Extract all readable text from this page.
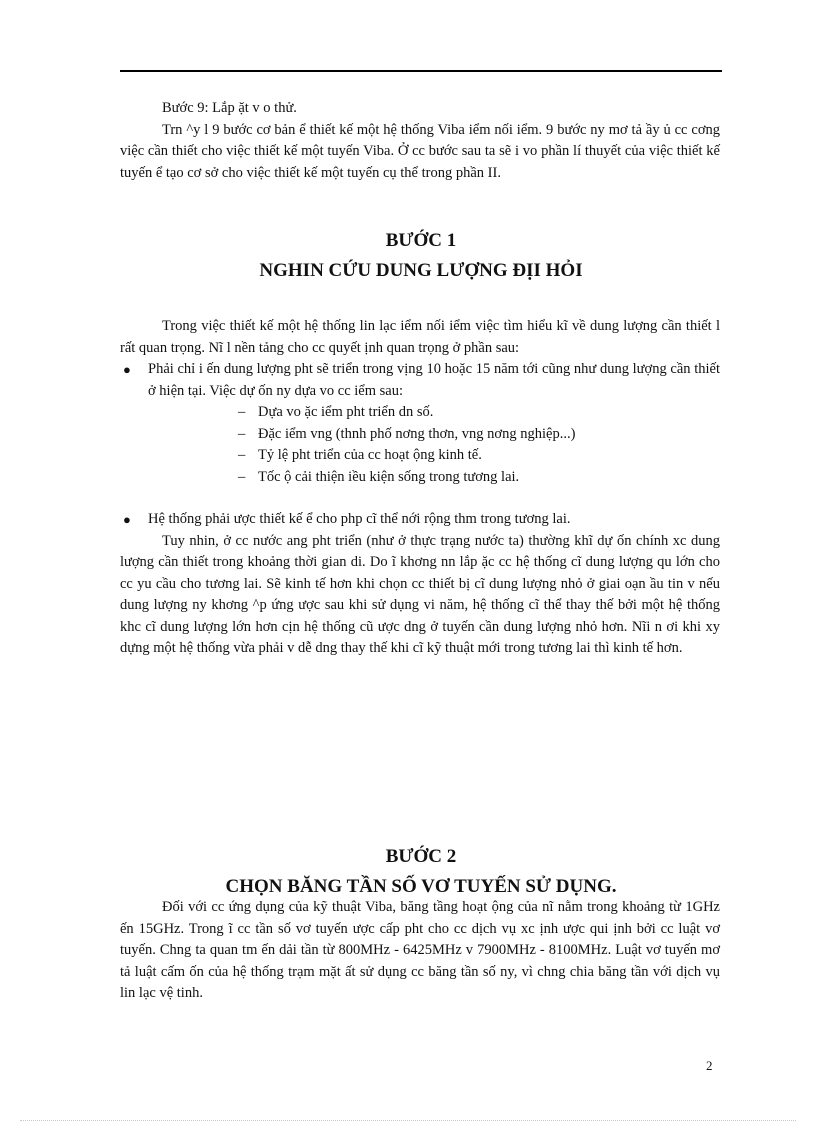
Bước 9: Lắp ặt v o thử.

Trn ^y l 9 bước cơ bản ể thiết kế một hệ thống Viba iểm nối iểm. 9 bước ny mơ tả ầy ủ cc cơng việc cần thiết cho việc thiết kế một tuyến Viba. Ở cc bước sau ta sẽ i vo phần lí thuyết của việc thiết kế tuyến ể tạo cơ sở cho việc thiết kế một tuyến cụ thể trong phần II.

BƯỚC 1
NGHIN CỨU DUNG LƯỢNG ĐỊI HỎI

Trong việc thiết kế một hệ thống lin lạc iểm nối iểm việc tìm hiểu kĩ về dung lượng cần thiết l rất quan trọng. Nĩ l nền tảng cho cc quyết ịnh quan trọng ở phần sau:

● Phải chỉ i ến dung lượng pht sẽ triển trong vịng 10 hoặc 15 năm tới cũng như dung lượng cần thiết ở hiện tại. Việc dự ốn ny dựa vo cc iểm sau:

– Dựa vo ặc iểm pht triển dn số.

– Đặc iểm vng (thnh phố nơng thơn, vng nơng nghiệp...)

– Tỷ lệ pht triển của cc hoạt ộng kinh tế.

– Tốc ộ cải thiện iều kiện sống trong tương lai.

● Hệ thống phải ược thiết kế ể cho php cĩ thể nới rộng thm trong tương lai.

Tuy nhin, ở cc nước ang pht triển (như ở thực trạng nước ta) thường khĩ dự ốn chính xc dung lượng cần thiết trong khoảng thời gian di. Do ĩ khơng nn lắp ặc cc hệ thống cĩ dung lượng qu lớn cho cc yu cầu cho tương lai. Sẽ kinh tế hơn khi chọn cc thiết bị cĩ dung lượng nhỏ ở giai oạn ầu tin v nếu dung lượng ny khơng ^p ứng ược sau khi sử dụng vi năm, hệ thống cĩ thể thay thế bởi một hệ thống khc cĩ dung lượng lớn hơn cịn hệ thống cũ ược dng ở tuyến cần dung lượng nhỏ hơn. Nĩi n ơi khi xy dựng một hệ thống vừa phải v dễ dng thay thế khi cĩ kỹ thuật mới trong tương lai thì kinh tế hơn.

BƯỚC 2
CHỌN BĂNG TẦN SỐ VƠ TUYẾN SỬ DỤNG.

Đối với cc ứng dụng của kỹ thuật Viba, băng tầng hoạt ộng của nĩ nằm trong khoảng từ 1GHz ến 15GHz. Trong ĩ cc tần số vơ tuyến ược cấp pht cho cc dịch vụ xc ịnh ược qui ịnh bởi cc luật vơ tuyến. Chng ta quan tm ến dải tần từ 800MHz - 6425MHz v 7900MHz - 8100MHz. Luật vơ tuyến mơ tả luật cấm ốn của hệ thống trạm mặt ất sử dụng cc băng tần số ny, vì chng chia băng tần với dịch vụ lin lạc vệ tinh.

2
